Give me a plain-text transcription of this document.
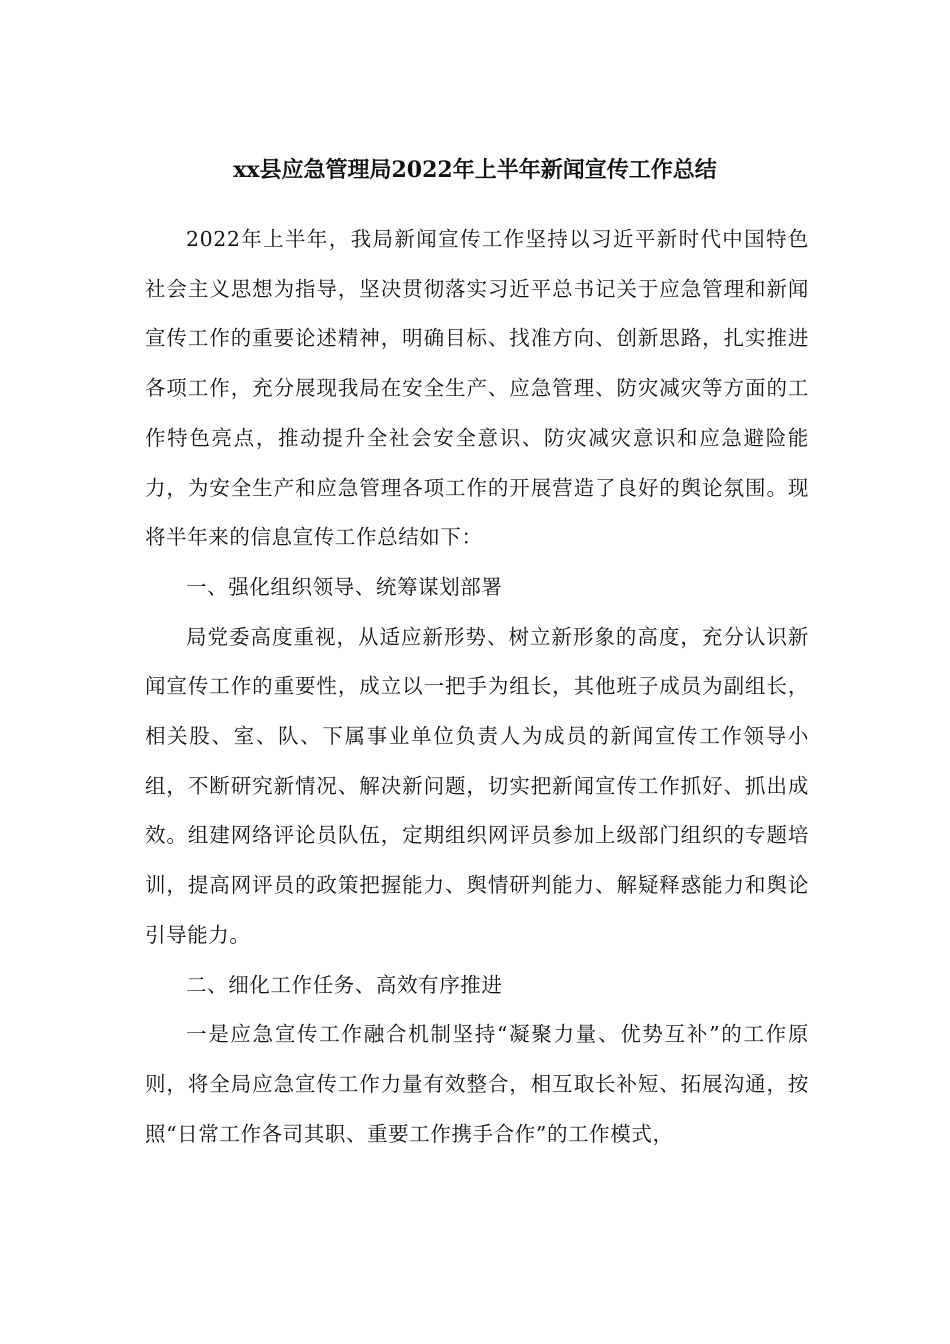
xx县应急管理局2022年上半年新闻宣传工作总结

2022年上半年，我局新闻宣传工作坚持以习近平新时代中国特色社会主义思想为指导，坚决贯彻落实习近平总书记关于应急管理和新闻宣传工作的重要论述精神，明确目标、找准方向、创新思路，扎实推进各项工作，充分展现我局在安全生产、应急管理、防灾减灾等方面的工作特色亮点，推动提升全社会安全意识、防灾减灾意识和应急避险能力，为安全生产和应急管理各项工作的开展营造了良好的舆论氛围。现将半年来的信息宣传工作总结如下：

一、强化组织领导、统筹谋划部署

局党委高度重视，从适应新形势、树立新形象的高度，充分认识新闻宣传工作的重要性，成立以一把手为组长，其他班子成员为副组长，相关股、室、队、下属事业单位负责人为成员的新闻宣传工作领导小组，不断研究新情况、解决新问题，切实把新闻宣传工作抓好、抓出成效。组建网络评论员队伍，定期组织网评员参加上级部门组织的专题培训，提高网评员的政策把握能力、舆情研判能力、解疑释惑能力和舆论引导能力。

二、细化工作任务、高效有序推进

一是应急宣传工作融合机制坚持“凝聚力量、优势互补”的工作原则，将全局应急宣传工作力量有效整合，相互取长补短、拓展沟通，按照“日常工作各司其职、重要工作携手合作”的工作模式，
